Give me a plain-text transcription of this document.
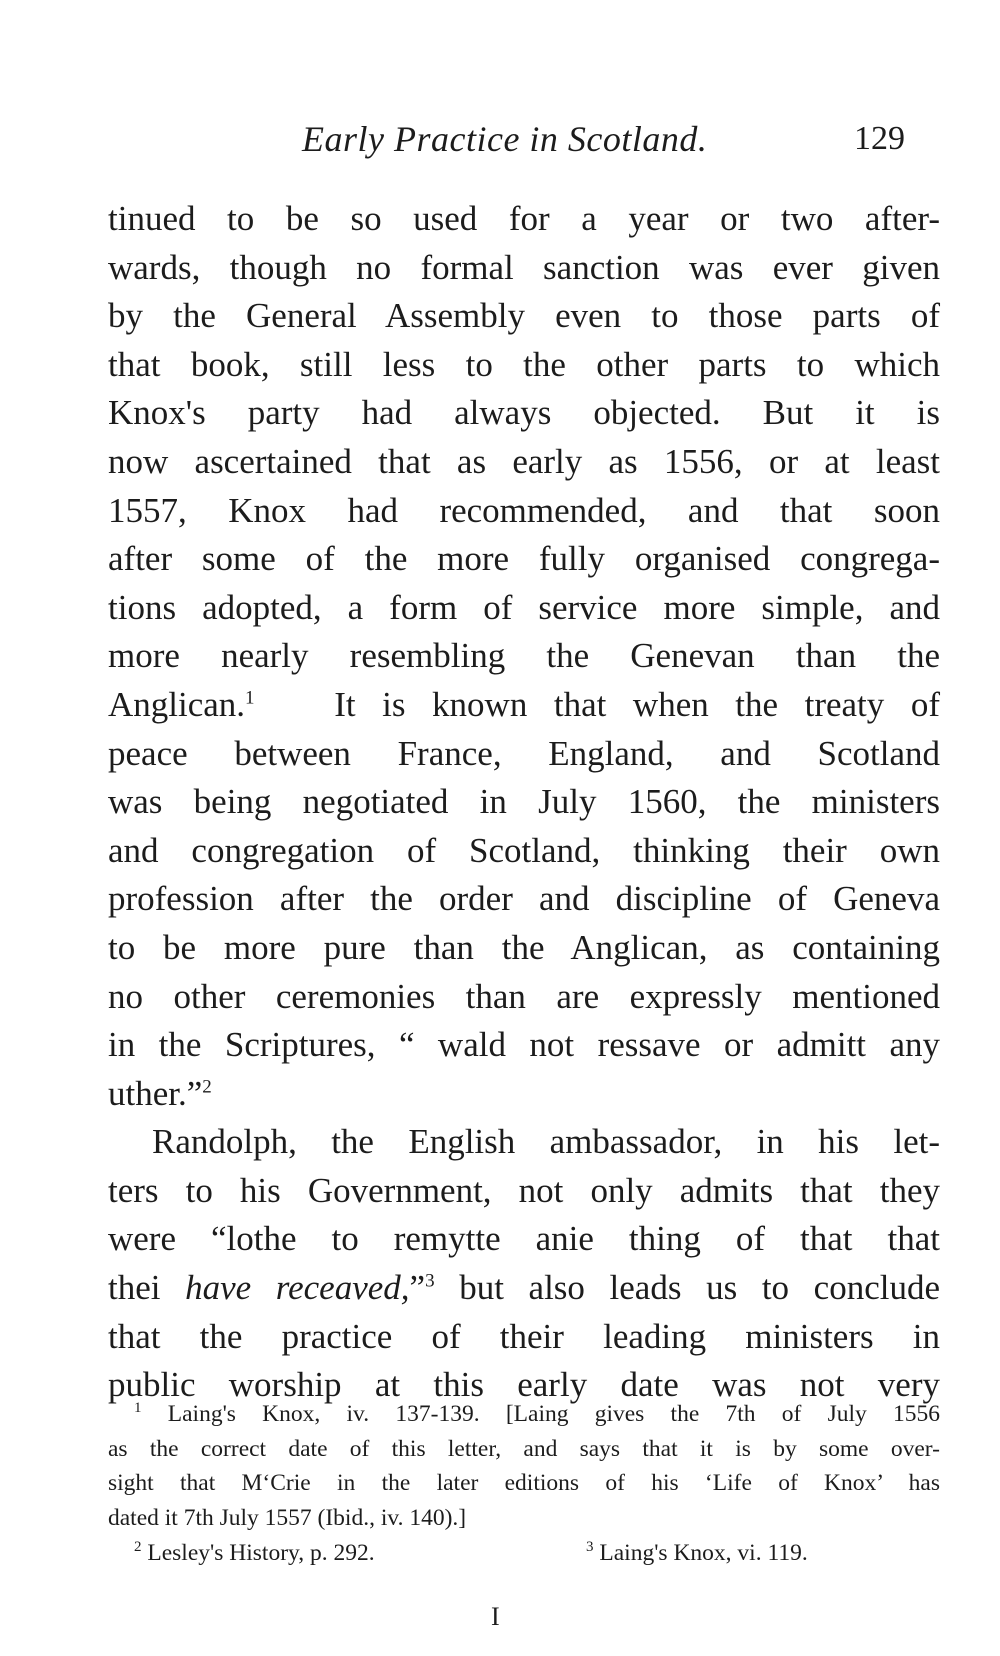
Early Practice in Scotland.	129
tinued to be so used for a year or two after-
wards, though no formal sanction was ever given
by the General Assembly even to those parts of
that book, still less to the other parts to which
Knox's party had always objected. But it is
now ascertained that as early as 1556, or at least
1557, Knox had recommended, and that soon
after some of the more fully organised congrega-
tions adopted, a form of service more simple, and
more nearly resembling the Genevan than the
Anglican.$^1$ It is known that when the treaty of
peace between France, England, and Scotland
was being negotiated in July 1560, the ministers
and congregation of Scotland, thinking their own
profession after the order and discipline of Geneva
to be more pure than the Anglican, as containing
no other ceremonies than are expressly mentioned
in the Scriptures, “ wald not ressave or admitt any
uther.”$^2$
Randolph, the English ambassador, in his let-
ters to his Government, not only admits that they
were “lothe to remytte anie thing of that that
thei have receaved,”$^3$ but also leads us to conclude
that the practice of their leading ministers in
public worship at this early date was not very
$^1$ Laing's Knox, iv. 137-139. [Laing gives the 7th of July 1556
as the correct date of this letter, and says that it is by some over-
sight that M‘Crie in the later editions of his ‘Life of Knox’ has
dated it 7th July 1557 (Ibid., iv. 140).]
$^2$ Lesley's History, p. 292.	$^3$ Laing's Knox, vi. 119.
I
